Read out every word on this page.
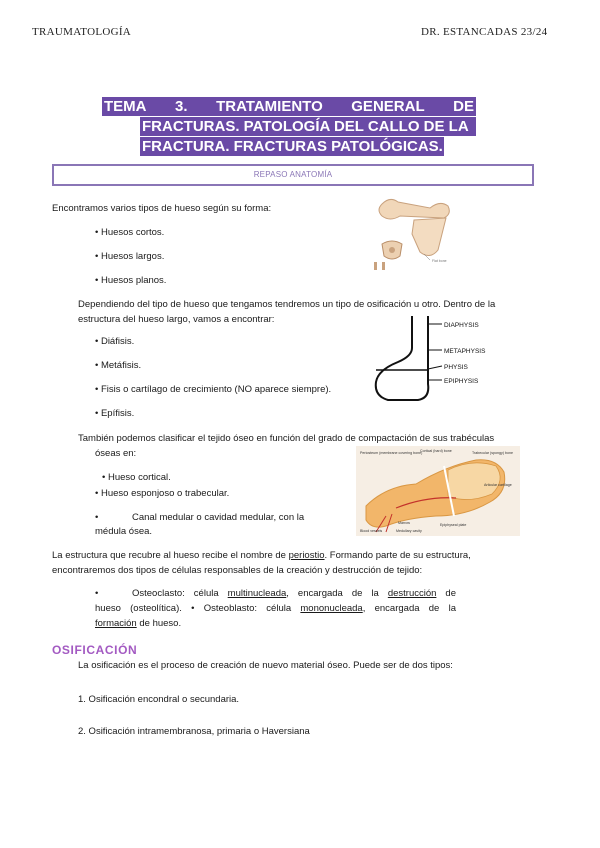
TRAUMATOLOGÍA	DR. ESTANCADAS 23/24
TEMA 3. TRATAMIENTO GENERAL DE
FRACTURAS. PATOLOGÍA DEL CALLO DE LA
FRACTURA. FRACTURAS PATOLÓGICAS.
REPASO ANATOMÍA
Encontramos varios tipos de hueso según su forma:
• Huesos cortos.
• Huesos largos.
• Huesos planos.
Flat bone
Dependiendo del tipo de hueso que tengamos tendremos un tipo de osificación u otro. Dentro de la
estructura del hueso largo, vamos a encontrar:
• Diáfisis.
• Metáfisis.
• Fisis o cartílago de crecimiento (NO aparece siempre).
• Epífisis.
DIAPHYSIS
METAPHYSIS
PHYSIS
EPIPHYSIS
También podemos clasificar el tejido óseo en función del grado de compactación de sus trabéculas
óseas en:
• Hueso cortical.
• Hueso esponjoso o trabecular.
•	Canal medular o cavidad medular, con la
médula ósea.
Periosteum (membrane covering bone)
Cortical (hard) bone	Trabecular (spongy) bone
Articular cartilage
Blood vessels
Marrow
Medullary cavity
Epiphyseal plate
La estructura que recubre al hueso recibe el nombre de periostio. Formando parte de su estructura,
encontraremos dos tipos de células responsables de la creación y destrucción de tejido:
•	Osteoclasto: célula multinucleada, encargada de la destrucción de
hueso (osteolítica). • Osteoblasto: célula mononucleada, encargada de la
formación de hueso.
OSIFICACIÓN
La osificación es el proceso de creación de nuevo material óseo. Puede ser de dos tipos:
1. Osificación encondral o secundaria.
2. Osificación intramembranosa, primaria o Haversiana
